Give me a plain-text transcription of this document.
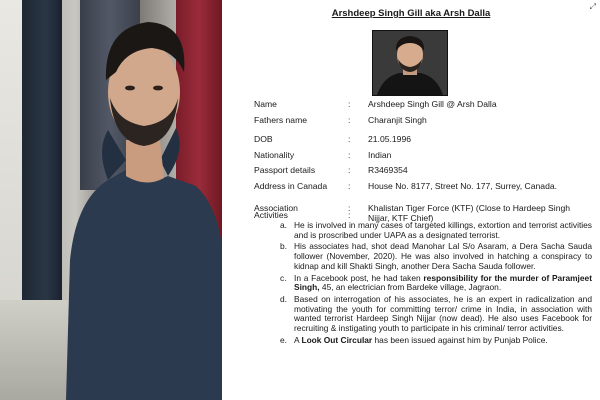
Arshdeep Singh Gill aka Arsh Dalla
⤢
Name	: Arshdeep Singh Gill @ Arsh Dalla
Fathers name	: Charanjit Singh
DOB	: 21.05.1996
Nationality	: Indian
Passport details	: R3469354
Address in Canada	: House No. 8177, Street No. 177, Surrey, Canada.
Association	: Khalistan Tiger Force (KTF) (Close to Hardeep Singh Nijjar, KTF Chief)
Activities	:
a. He is involved in many cases of targeted killings, extortion and terrorist activities and is proscribed under UAPA as a designated terrorist.
b. His associates had, shot dead Manohar Lal S/o Asaram, a Dera Sacha Sauda follower (November, 2020). He was also involved in hatching a conspiracy to kidnap and kill Shakti Singh, another Dera Sacha Sauda follower.
c. In a Facebook post, he had taken responsibility for the murder of Paramjeet Singh, 45, an electrician from Bardeke village, Jagraon.
d. Based on interrogation of his associates, he is an expert in radicalization and motivating the youth for committing terror/ crime in India, in association with wanted terrorist Hardeep Singh Nijjar (now dead). He also uses Facebook for recruiting & instigating youth to participate in his criminal/ terror activities.
e. A Look Out Circular has been issued against him by Punjab Police.
